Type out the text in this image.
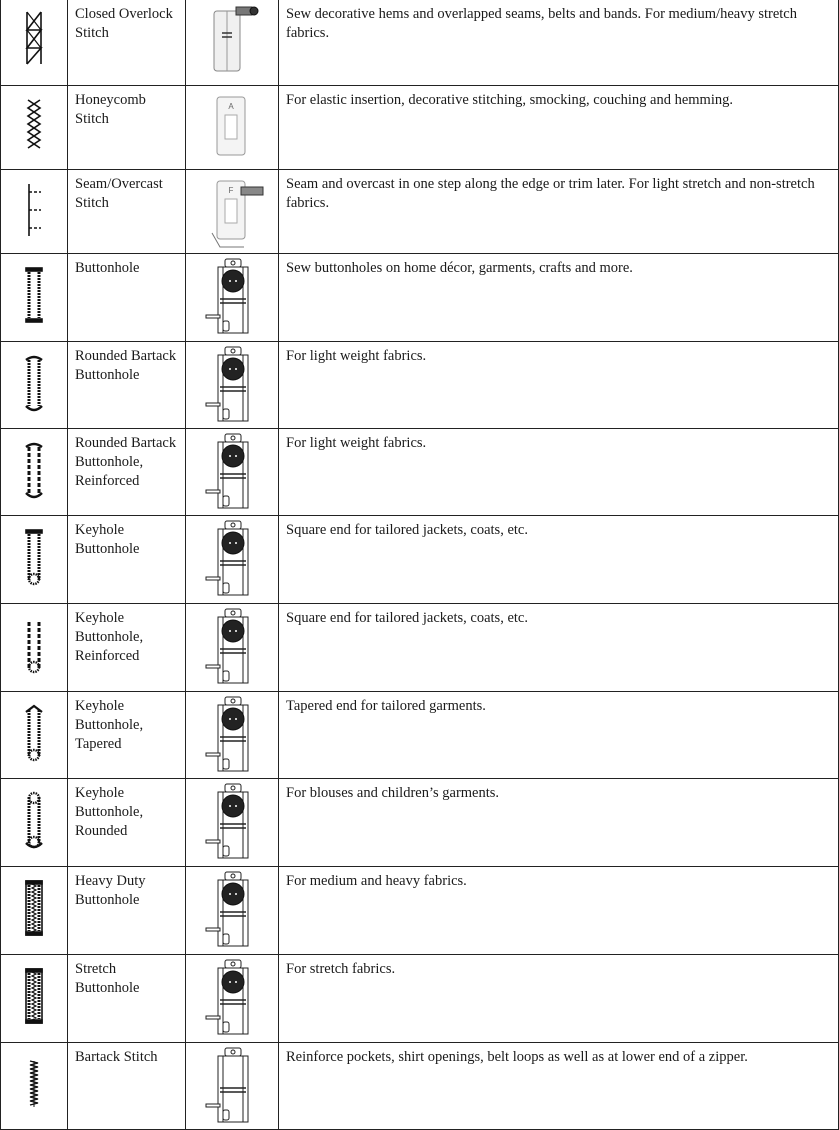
Closed Overlock Stitch		Sew decorative hems and overlapped seams, belts and bands. For medium/heavy stretch fabrics.

Honeycomb Stitch	A	For elastic insertion, decorative stitching, smocking, couching and hemming.

Seam/Overcast Stitch	F	Seam and overcast in one step along the edge or trim later. For light stretch and non-stretch fabrics.

Buttonhole		Sew buttonholes on home décor, garments, crafts and more.

Rounded Bartack Buttonhole		For light weight fabrics.

Rounded Bartack Buttonhole, Reinforced		For light weight fabrics.

Keyhole Buttonhole		Square end for tailored jackets, coats, etc.

Keyhole Buttonhole, Reinforced		Square end for tailored jackets, coats, etc.

Keyhole Buttonhole, Tapered		Tapered end for tailored garments.

Keyhole Buttonhole, Rounded		For blouses and children’s garments.

Heavy Duty Buttonhole		For medium and heavy fabrics.

Stretch Buttonhole		For stretch fabrics.

Bartack Stitch		Reinforce pockets, shirt openings, belt loops as well as at lower end of a zipper.
